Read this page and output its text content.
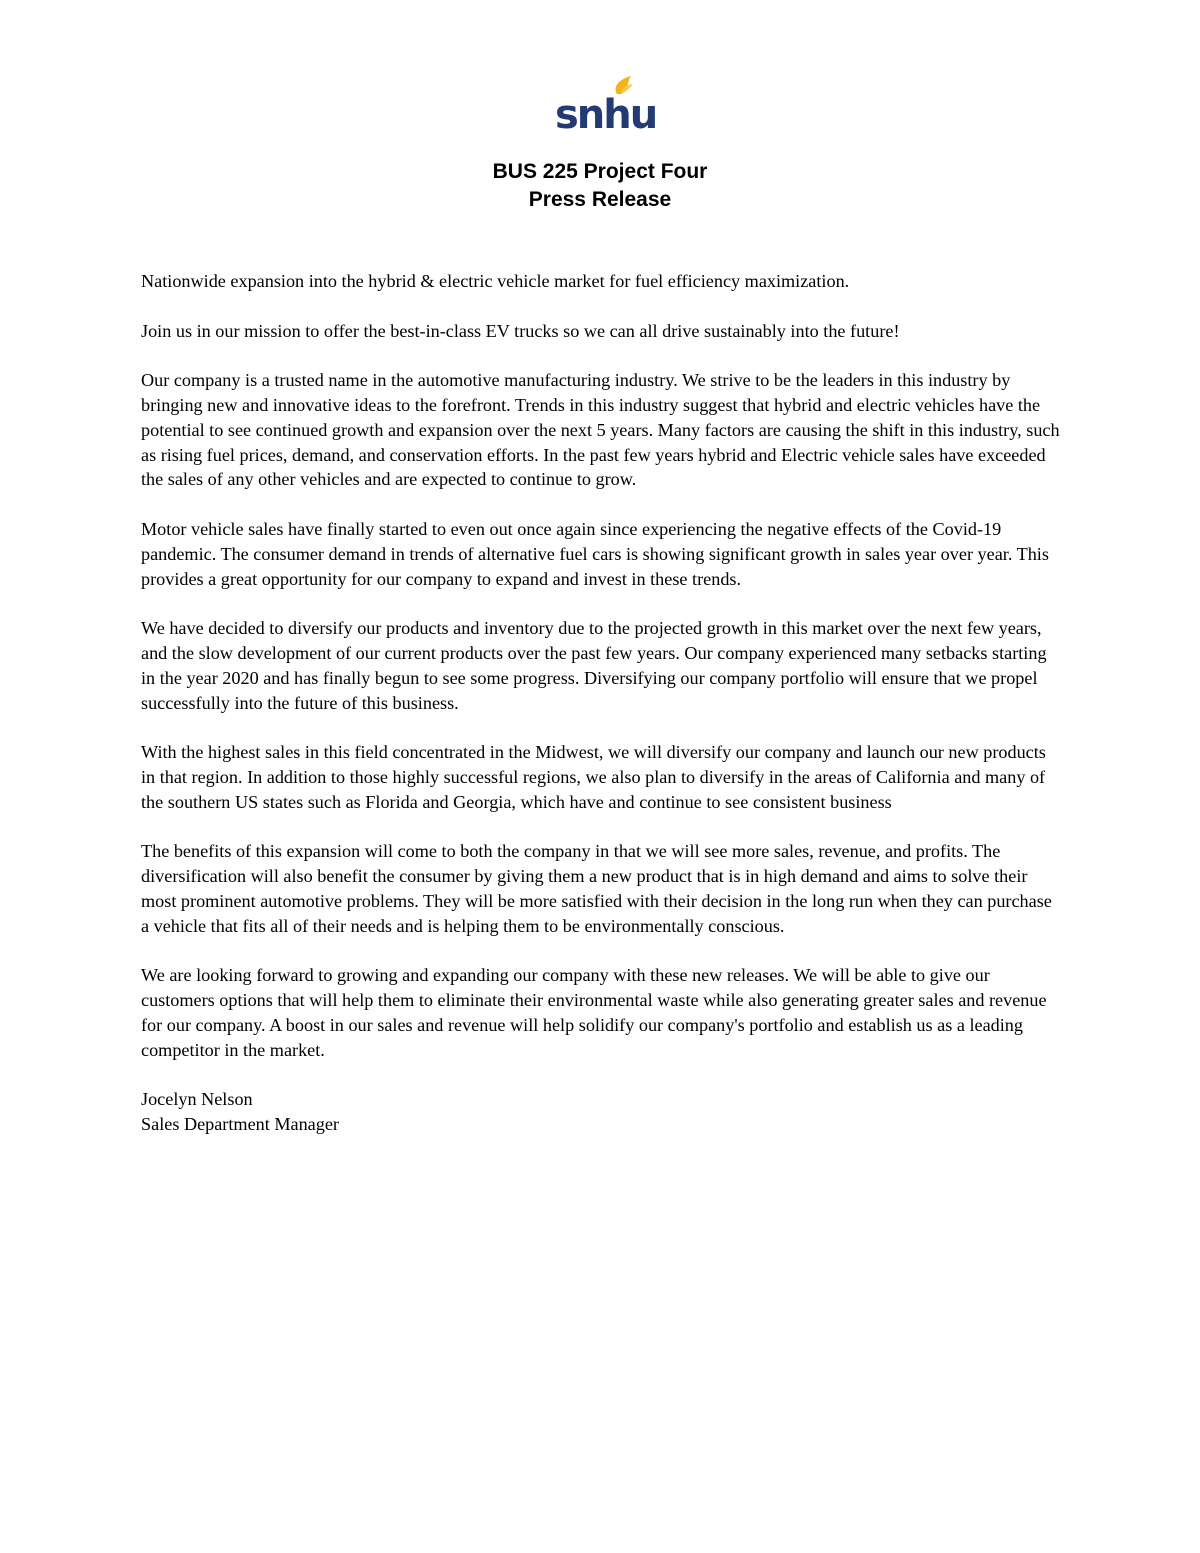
snhu
BUS 225 Project Four
Press Release

Nationwide expansion into the hybrid & electric vehicle market for fuel efficiency maximization.

Join us in our mission to offer the best-in-class EV trucks so we can all drive sustainably into the future!

Our company is a trusted name in the automotive manufacturing industry. We strive to be the leaders in this industry by bringing new and innovative ideas to the forefront. Trends in this industry suggest that hybrid and electric vehicles have the potential to see continued growth and expansion over the next 5 years. Many factors are causing the shift in this industry, such as rising fuel prices, demand, and conservation efforts. In the past few years hybrid and Electric vehicle sales have exceeded the sales of any other vehicles and are expected to continue to grow.

Motor vehicle sales have finally started to even out once again since experiencing the negative effects of the Covid-19 pandemic. The consumer demand in trends of alternative fuel cars is showing significant growth in sales year over year. This provides a great opportunity for our company to expand and invest in these trends.

We have decided to diversify our products and inventory due to the projected growth in this market over the next few years, and the slow development of our current products over the past few years. Our company experienced many setbacks starting in the year 2020 and has finally begun to see some progress. Diversifying our company portfolio will ensure that we propel successfully into the future of this business.

With the highest sales in this field concentrated in the Midwest, we will diversify our company and launch our new products in that region. In addition to those highly successful regions, we also plan to diversify in the areas of California and many of the southern US states such as Florida and Georgia, which have and continue to see consistent business

The benefits of this expansion will come to both the company in that we will see more sales, revenue, and profits. The diversification will also benefit the consumer by giving them a new product that is in high demand and aims to solve their most prominent automotive problems. They will be more satisfied with their decision in the long run when they can purchase a vehicle that fits all of their needs and is helping them to be environmentally conscious.

We are looking forward to growing and expanding our company with these new releases. We will be able to give our customers options that will help them to eliminate their environmental waste while also generating greater sales and revenue for our company. A boost in our sales and revenue will help solidify our company's portfolio and establish us as a leading competitor in the market.

Jocelyn Nelson
Sales Department Manager
